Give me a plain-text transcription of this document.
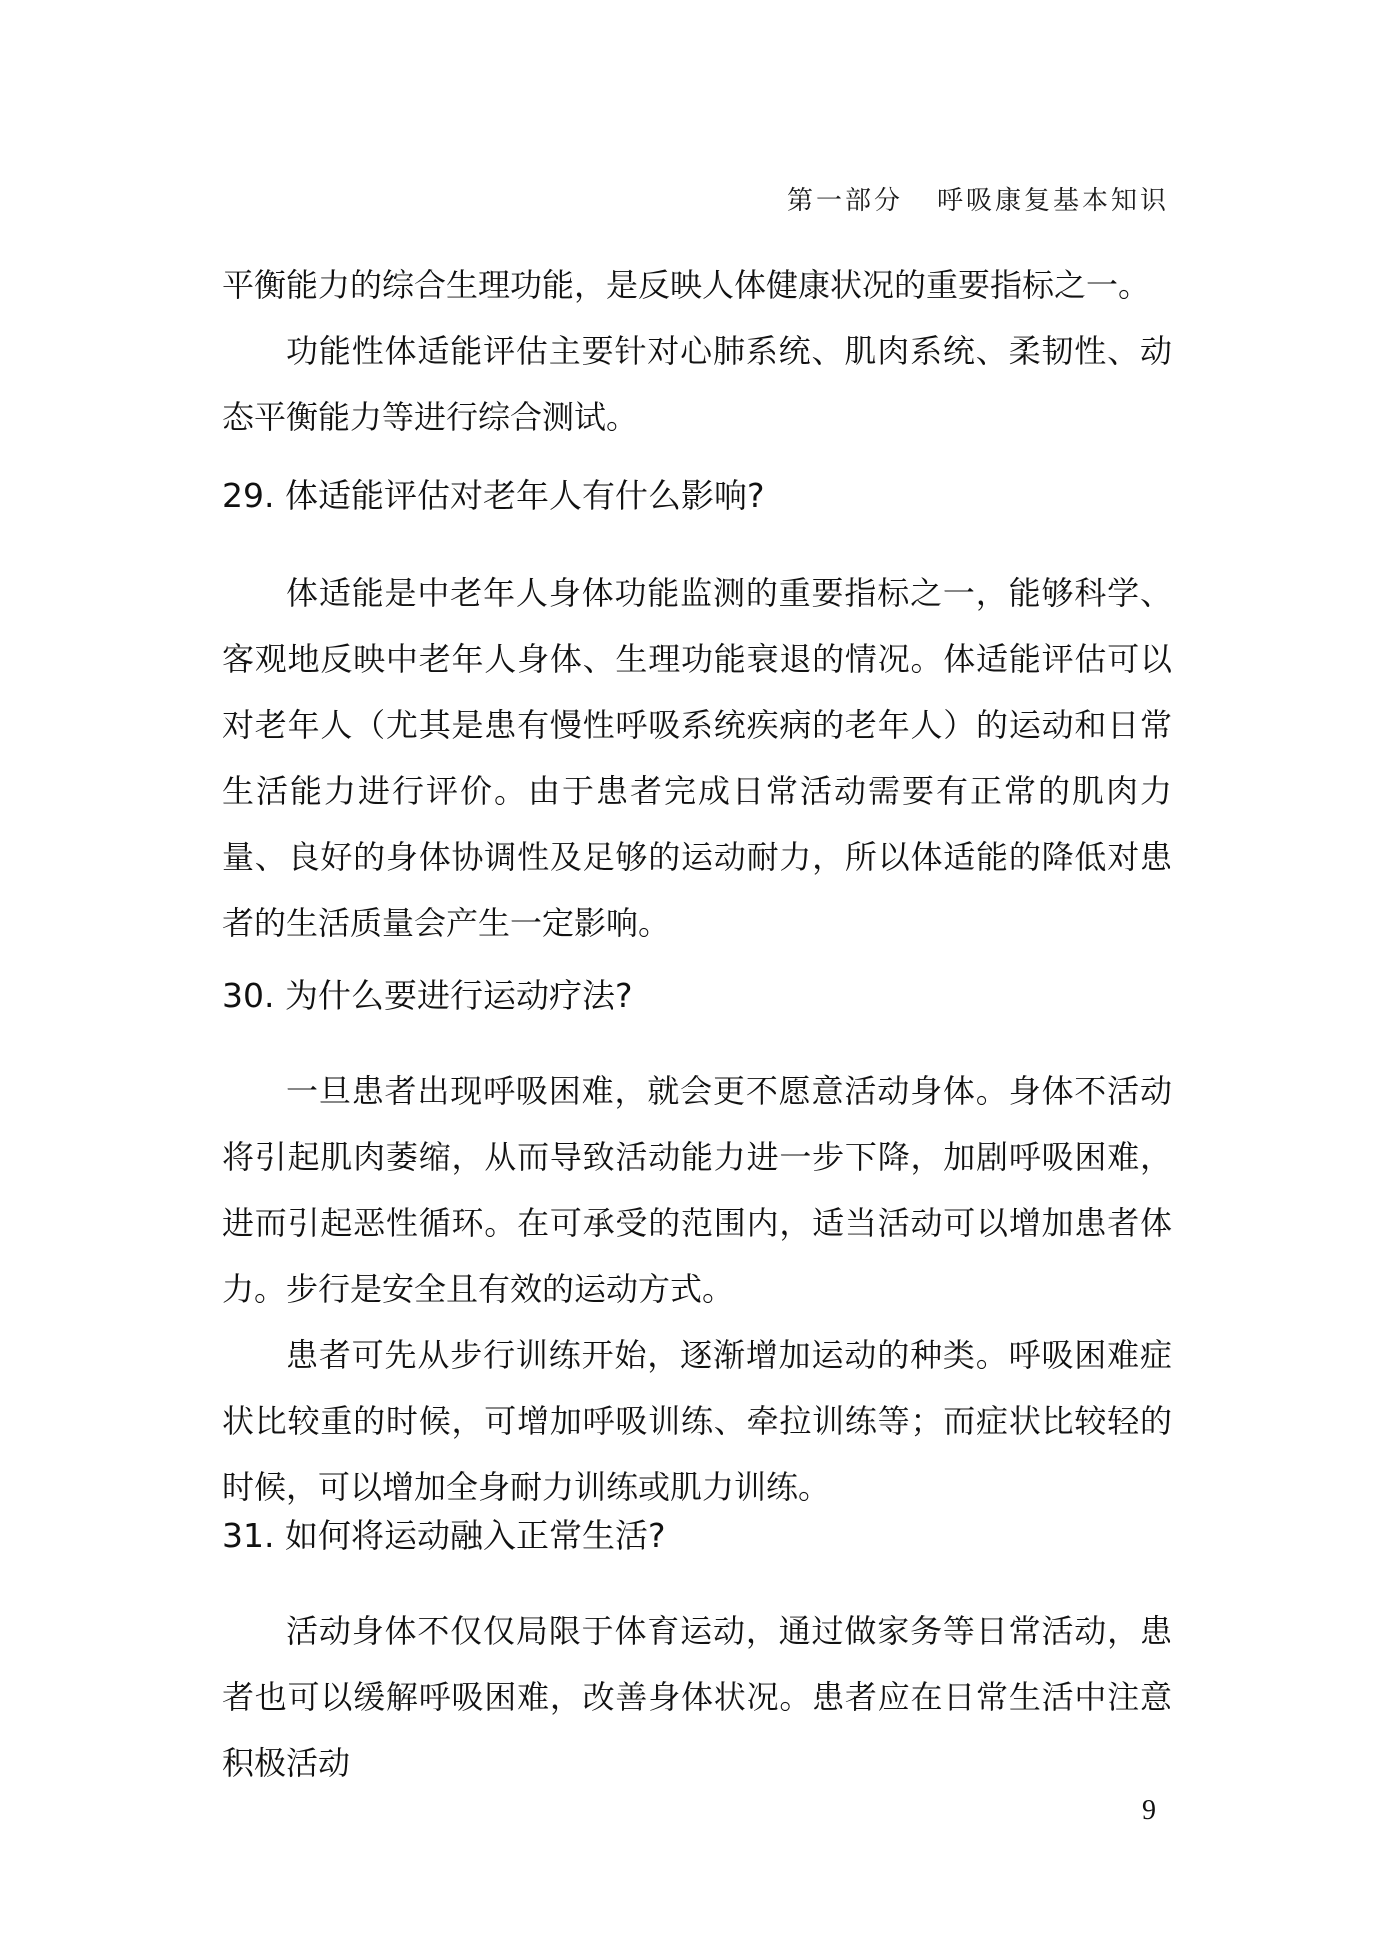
第一部分 呼吸康复基本知识

平衡能力的综合生理功能，是反映人体健康状况的重要指标之一。

功能性体适能评估主要针对心肺系统、肌肉系统、柔韧性、动态平衡能力等进行综合测试。

29. 体适能评估对老年人有什么影响?

体适能是中老年人身体功能监测的重要指标之一，能够科学、客观地反映中老年人身体、生理功能衰退的情况。体适能评估可以对老年人（尤其是患有慢性呼吸系统疾病的老年人）的运动和日常生活能力进行评价。由于患者完成日常活动需要有正常的肌肉力量、良好的身体协调性及足够的运动耐力，所以体适能的降低对患者的生活质量会产生一定影响。

30. 为什么要进行运动疗法?

一旦患者出现呼吸困难，就会更不愿意活动身体。身体不活动将引起肌肉萎缩，从而导致活动能力进一步下降，加剧呼吸困难，进而引起恶性循环。在可承受的范围内，适当活动可以增加患者体力。步行是安全且有效的运动方式。

患者可先从步行训练开始，逐渐增加运动的种类。呼吸困难症状比较重的时候，可增加呼吸训练、牵拉训练等；而症状比较轻的时候，可以增加全身耐力训练或肌力训练。

31. 如何将运动融入正常生活?

活动身体不仅仅局限于体育运动，通过做家务等日常活动，患者也可以缓解呼吸困难，改善身体状况。患者应在日常生活中注意积极活动

9
